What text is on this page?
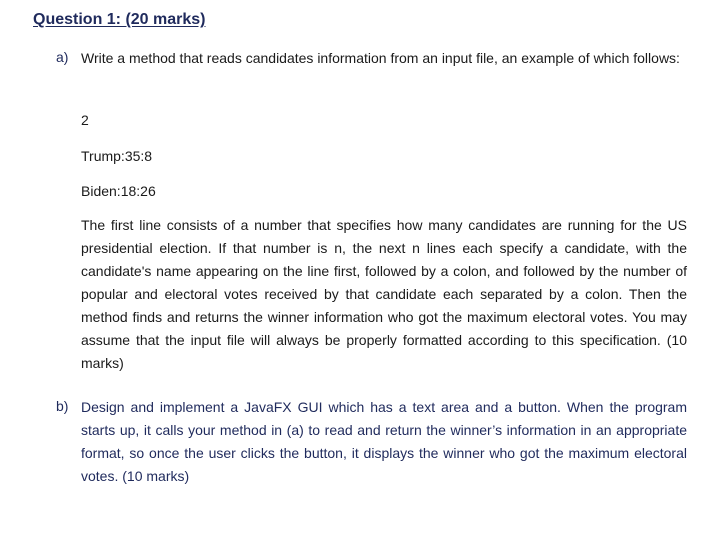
Question 1: (20 marks)
a) Write a method that reads candidates information from an input file, an example of which follows:
2
Trump:35:8
Biden:18:26
The first line consists of a number that specifies how many candidates are running for the US presidential election. If that number is n, the next n lines each specify a candidate, with the candidate's name appearing on the line first, followed by a colon, and followed by the number of popular and electoral votes received by that candidate each separated by a colon. Then the method finds and returns the winner information who got the maximum electoral votes. You may assume that the input file will always be properly formatted according to this specification. (10 marks)
b) Design and implement a JavaFX GUI which has a text area and a button. When the program starts up, it calls your method in (a) to read and return the winner’s information in an appropriate format, so once the user clicks the button, it displays the winner who got the maximum electoral votes. (10 marks)
